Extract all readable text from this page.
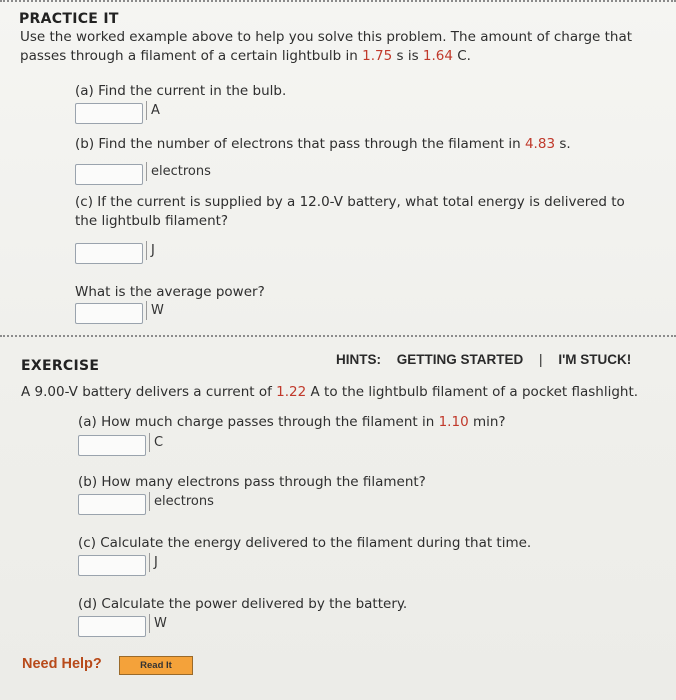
PRACTICE IT
Use the worked example above to help you solve this problem. The amount of charge that
passes through a filament of a certain lightbulb in 1.75 s is 1.64 C.
(a) Find the current in the bulb.
A
(b) Find the number of electrons that pass through the filament in 4.83 s.
electrons
(c) If the current is supplied by a 12.0-V battery, what total energy is delivered to
the lightbulb filament?
J
What is the average power?
W
EXERCISE	HINTS: GETTING STARTED | I'M STUCK!
A 9.00-V battery delivers a current of 1.22 A to the lightbulb filament of a pocket flashlight.
(a) How much charge passes through the filament in 1.10 min?
C
(b) How many electrons pass through the filament?
electrons
(c) Calculate the energy delivered to the filament during that time.
J
(d) Calculate the power delivered by the battery.
W
Need Help?	Read It
